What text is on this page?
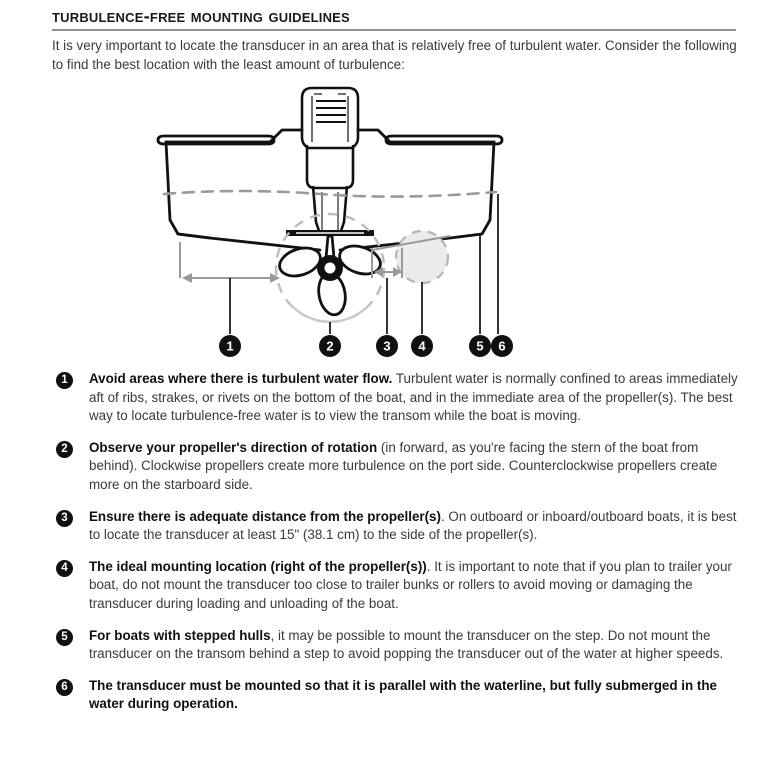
turbulence-free mounting guidelines
It is very important to locate the transducer in an area that is relatively free of turbulent water. Consider the following to find the best location with the least amount of turbulence:
1	2	3 4	5 6
1	Avoid areas where there is turbulent water flow. Turbulent water is normally confined to areas immediately aft of ribs, strakes, or rivets on the bottom of the boat, and in the immediate area of the propeller(s). The best way to locate turbulence-free water is to view the transom while the boat is moving.

2	Observe your propeller's direction of rotation (in forward, as you're facing the stern of the boat from behind). Clockwise propellers create more turbulence on the port side. Counterclockwise propellers create more on the starboard side.

3	Ensure there is adequate distance from the propeller(s). On outboard or inboard/outboard boats, it is best to locate the transducer at least 15" (38.1 cm) to the side of the propeller(s).

4	The ideal mounting location (right of the propeller(s)). It is important to note that if you plan to trailer your boat, do not mount the transducer too close to trailer bunks or rollers to avoid moving or damaging the transducer during loading and unloading of the boat.

5	For boats with stepped hulls, it may be possible to mount the transducer on the step. Do not mount the transducer on the transom behind a step to avoid popping the transducer out of the water at higher speeds.

6	The transducer must be mounted so that it is parallel with the waterline, but fully submerged in the water during operation.
